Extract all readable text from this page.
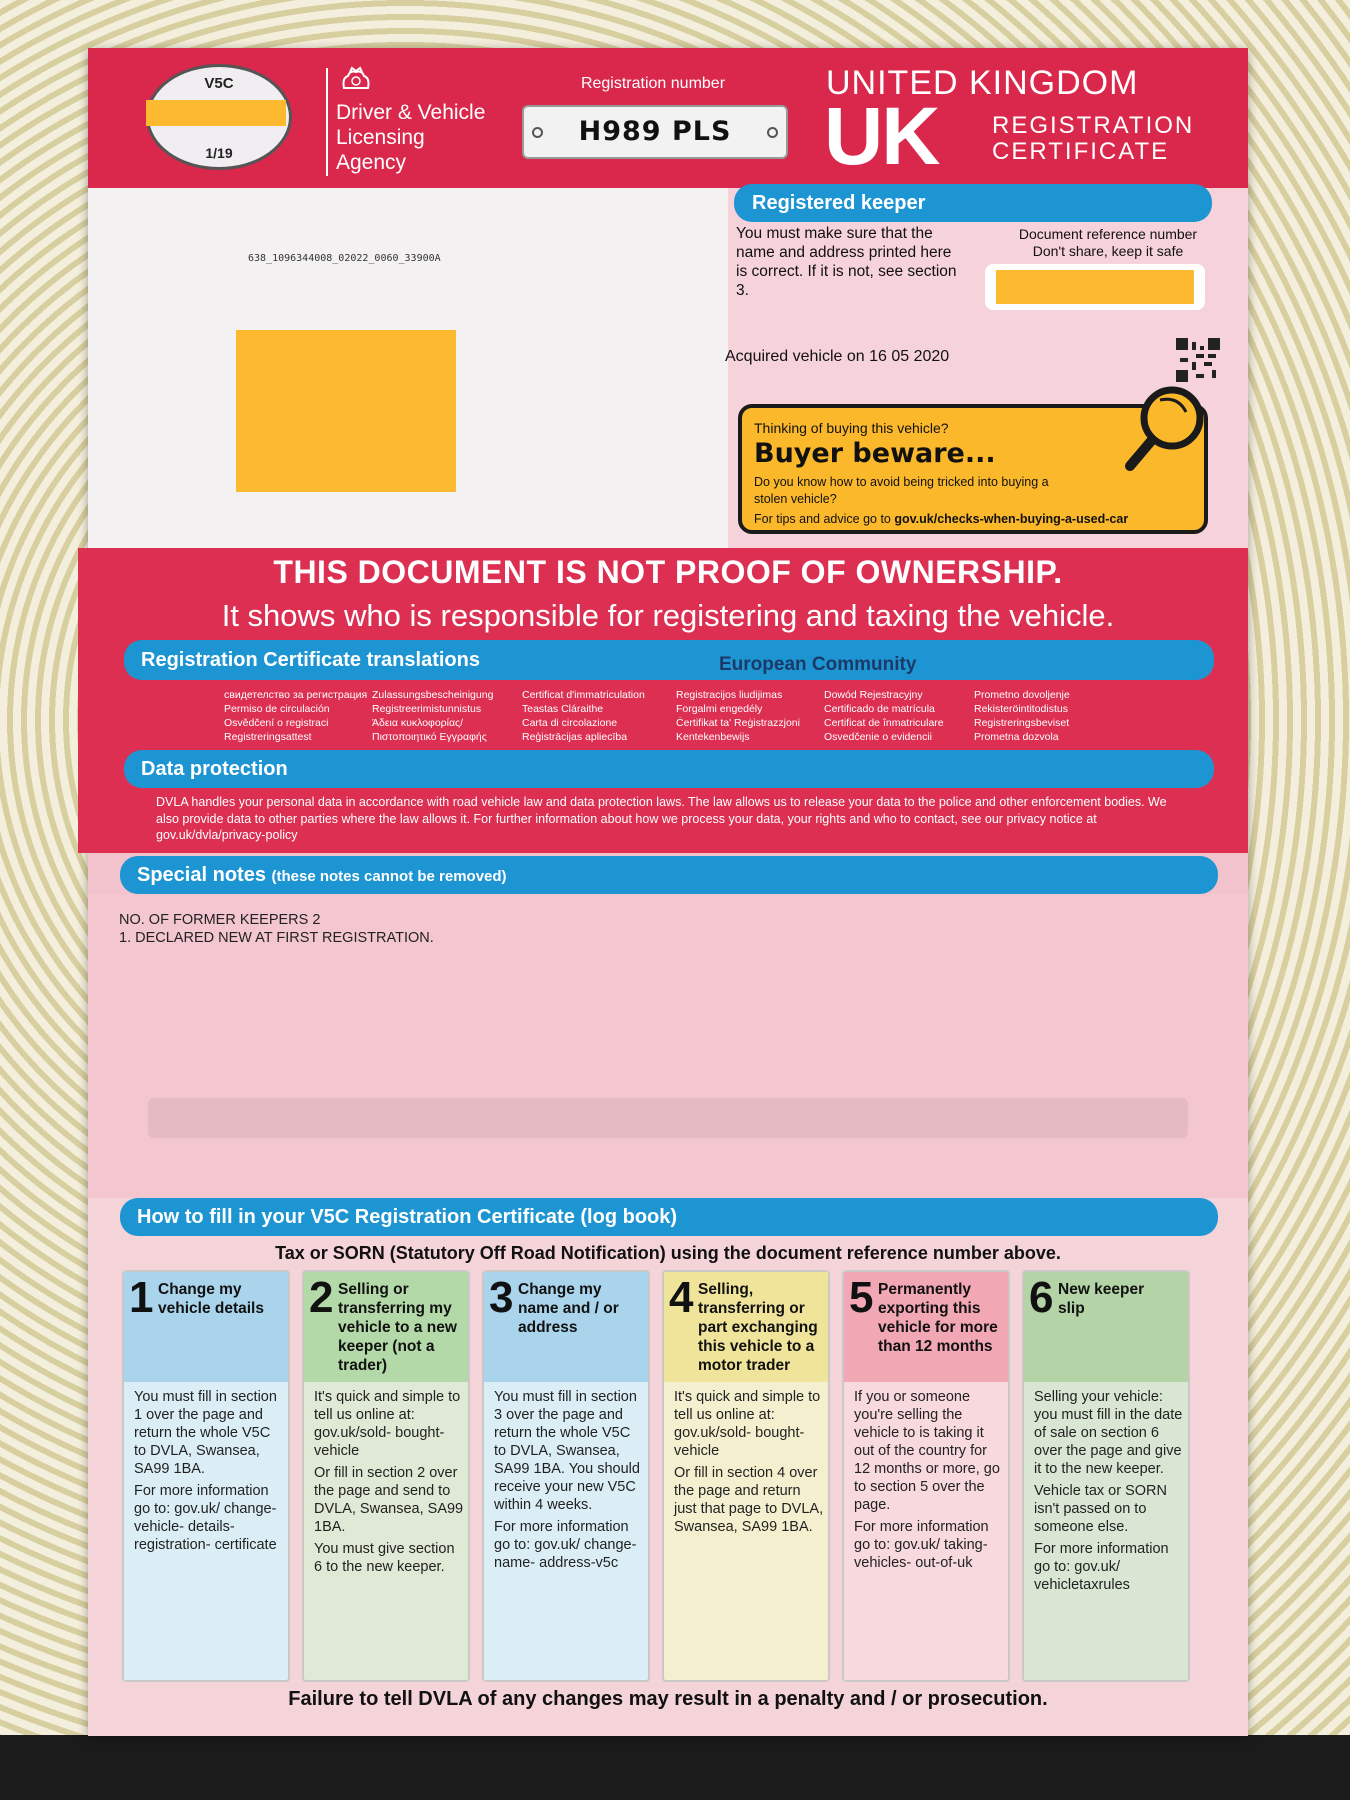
V5C
1/19
Driver & Vehicle
Licensing
Agency
Registration number
H989 PLS
UNITED KINGDOM
UK REGISTRATION
CERTIFICATE
638_1096344008_02022_0060_33900A
Registered keeper
You must make sure that the name and address printed here is correct. If it is not, see section 3.
Document reference number
Don't share, keep it safe
Acquired vehicle on 16 05 2020
Thinking of buying this vehicle?
Buyer beware...
Do you know how to avoid being tricked into buying a stolen vehicle?
For tips and advice go to gov.uk/checks-when-buying-a-used-car
THIS DOCUMENT IS NOT PROOF OF OWNERSHIP.
It shows who is responsible for registering and taxing the vehicle.
Registration Certificate translations	European Community
свидетелство за регистрация
Permiso de circulación
Osvědčení o registraci
Registreringsattest
Zulassungsbescheinigung
Registreerimistunnistus
Άδεια κυκλοφορίας/
Πιστοποιητικό Εγγραφής
Certificat d'immatriculation
Teastas Cláraithe
Carta di circolazione
Reģistrācijas apliecība
Registracijos liudijimas
Forgalmi engedély
Ċertifikat ta' Reġistrazzjoni
Kentekenbewijs
Dowód Rejestracyjny
Certificado de matrícula
Certificat de înmatriculare
Osvedčenie o evidencii
Prometno dovoljenje
Rekisteröintitodistus
Registreringsbeviset
Prometna dozvola
Data protection
DVLA handles your personal data in accordance with road vehicle law and data protection laws. The law allows us to release your data to the police and other enforcement bodies. We also provide data to other parties where the law allows it. For further information about how we process your data, your rights and who to contact, see our privacy notice at gov.uk/dvla/privacy-policy
Special notes (these notes cannot be removed)
NO. OF FORMER KEEPERS 2
1. DECLARED NEW AT FIRST REGISTRATION.
How to fill in your V5C Registration Certificate (log book)
Tax or SORN (Statutory Off Road Notification) using the document reference number above.
1 Change my vehicle details

You must fill in section 1 over the page and return the whole V5C to DVLA, Swansea, SA99 1BA.

For more information go to: gov.uk/ change-vehicle- details-registration- certificate

2 Selling or transferring my vehicle to a new keeper (not a trader)

It's quick and simple to tell us online at: gov.uk/sold- bought-vehicle

Or fill in section 2 over the page and send to DVLA, Swansea, SA99 1BA.

You must give section 6 to the new keeper.

3 Change my name and / or address

You must fill in section 3 over the page and return the whole V5C to DVLA, Swansea, SA99 1BA. You should receive your new V5C within 4 weeks.

For more information go to: gov.uk/ change-name- address-v5c

4 Selling, transferring or part exchanging this vehicle to a motor trader

It's quick and simple to tell us online at: gov.uk/sold- bought-vehicle

Or fill in section 4 over the page and return just that page to DVLA, Swansea, SA99 1BA.

5 Permanently exporting this vehicle for more than 12 months

If you or someone you're selling the vehicle to is taking it out of the country for 12 months or more, go to section 5 over the page.

For more information go to: gov.uk/ taking-vehicles- out-of-uk

6 New keeper slip

Selling your vehicle: you must fill in the date of sale on section 6 over the page and give it to the new keeper.

Vehicle tax or SORN isn't passed on to someone else.

For more information go to: gov.uk/ vehicletaxrules

Failure to tell DVLA of any changes may result in a penalty and / or prosecution.
